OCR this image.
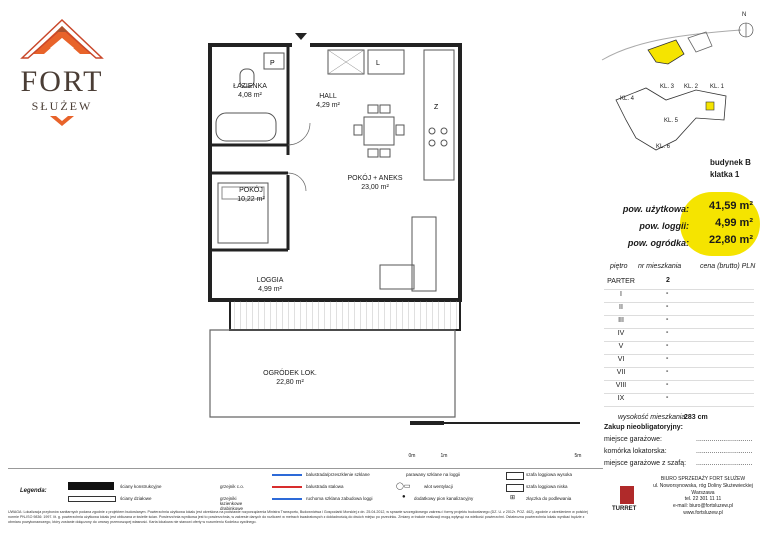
FORT
SŁUŻEW
P	L
Z
ŁAZIENKA
4,08 m²	HALL
4,29 m²
POKÓJ
10,22 m²
POKÓJ + ANEKS
23,00 m²
LOGGIA
4,99 m²
OGRÓDEK LOK.
22,80 m²
0m	1m	5m
N
KL. 4
KL. 3 KL. 2 KL. 1
KL. 5
KL. 6
budynek B
klatka 1
pow. użytkowa: 41,59 m²
pow. loggii: 4,99 m²
pow. ogródka: 22,80 m²
piętro nr mieszkania	cena (brutto) PLN
PARTER	2
I	-
II	-
III	-
IV	-
V	-
VI	-
VII	-
VIII	-
IX	-
wysokość mieszkania:
283 cm
Zakup nieobligatoryjny:
miejsce garażowe:	.............................
komórka lokatorska:	.............................
miejsce garażowe z szafą: .............................
Legenda:
ściany konstrukcyjne
ściany działowe
grzejnik c.o.
grzejniki łazienkowe drabinkowe
balustrada/przeszklenie szklane
balustrada stalowa
ruchoma szklana zabudowa loggi
parawany szklane na loggii
◯▭	wlot wentylacji
● dodatkowy pion kanalizacyjny
szafa loggiowa wysoka
szafa loggiowa niska
⊞ złączka do podlewania
UWAGA: Lokalizacja przyborów sanitarnych podana zgodnie z projektem budowlanym. Powierzchnia użytkowa lokalu jest określona na podstawie rozporządzenia Ministra Transportu, Budownictwa i Gospodarki Morskiej z dn. 25.04.2012, w sprawie szczegółowego zakresu i formy projektu budowlanego (DZ. U. z 2012r. POZ. 462), zgodnie z określeniem w polskiej normie PN-ISO 9836: 1997. lit. g. powierzchnia użytkowa lokalu jest obliczana w świetle ścian. Powierzchnia wynikowa jest to powierzchnia, w zakresie danych do rozliczeń w metrach kwadratowych z dokładnością do dwóch miejsc po przecinku. Zmiany w trakcie realizacji mogą wpłynąć na wielkość powierzchni. Ostateczna powierzchnia lokalu wynikać będzie z obmiaru powykonawczego, który zostanie dołączony do umowy przenoszącej własność. Karta lokalowa nie stanowi oferty w rozumieniu Kodeksu cywilnego.
TURRET
BIURO SPRZEDAŻY FORT SŁUŻEW
ul. Noworsynowska, róg Doliny Służewieckiej
Warszawa
tel. 22 301 11 11
e-mail: biuro@fortsluzew.pl
www.fortsluzew.pl
